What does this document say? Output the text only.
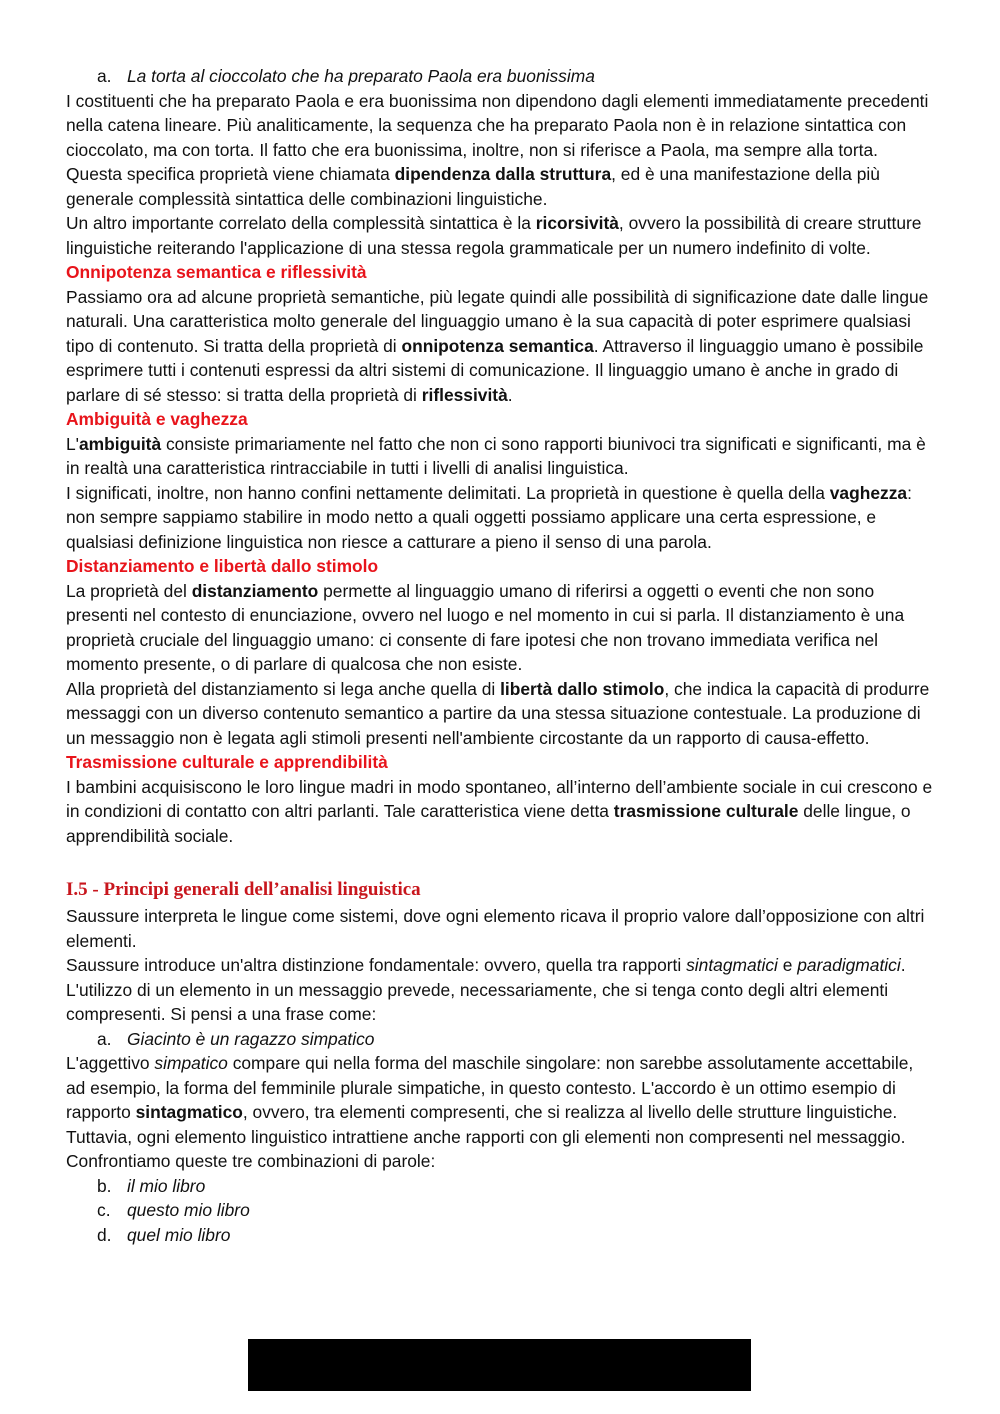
a. La torta al cioccolato che ha preparato Paola era buonissima

I costituenti che ha preparato Paola e era buonissima non dipendono dagli elementi immediatamente precedenti nella catena lineare. Più analiticamente, la sequenza che ha preparato Paola non è in relazione sintattica con cioccolato, ma con torta. Il fatto che era buonissima, inoltre, non si riferisce a Paola, ma sempre alla torta. Questa specifica proprietà viene chiamata dipendenza dalla struttura, ed è una manifestazione della più generale complessità sintattica delle combinazioni linguistiche.

Un altro importante correlato della complessità sintattica è la ricorsività, ovvero la possibilità di creare strutture linguistiche reiterando l'applicazione di una stessa regola grammaticale per un numero indefinito di volte.

Onnipotenza semantica e riflessività

Passiamo ora ad alcune proprietà semantiche, più legate quindi alle possibilità di significazione date dalle lingue naturali. Una caratteristica molto generale del linguaggio umano è la sua capacità di poter esprimere qualsiasi tipo di contenuto. Si tratta della proprietà di onnipotenza semantica. Attraverso il linguaggio umano è possibile esprimere tutti i contenuti espressi da altri sistemi di comunicazione. Il linguaggio umano è anche in grado di parlare di sé stesso: si tratta della proprietà di riflessività.

Ambiguità e vaghezza

L'ambiguità consiste primariamente nel fatto che non ci sono rapporti biunivoci tra significati e significanti, ma è in realtà una caratteristica rintracciabile in tutti i livelli di analisi linguistica.

I significati, inoltre, non hanno confini nettamente delimitati. La proprietà in questione è quella della vaghezza: non sempre sappiamo stabilire in modo netto a quali oggetti possiamo applicare una certa espressione, e qualsiasi definizione linguistica non riesce a catturare a pieno il senso di una parola.

Distanziamento e libertà dallo stimolo

La proprietà del distanziamento permette al linguaggio umano di riferirsi a oggetti o eventi che non sono presenti nel contesto di enunciazione, ovvero nel luogo e nel momento in cui si parla. Il distanziamento è una proprietà cruciale del linguaggio umano: ci consente di fare ipotesi che non trovano immediata verifica nel momento presente, o di parlare di qualcosa che non esiste.

Alla proprietà del distanziamento si lega anche quella di libertà dallo stimolo, che indica la capacità di produrre messaggi con un diverso contenuto semantico a partire da una stessa situazione contestuale. La produzione di un messaggio non è legata agli stimoli presenti nell'ambiente circostante da un rapporto di causa-effetto.

Trasmissione culturale e apprendibilità

I bambini acquisiscono le loro lingue madri in modo spontaneo, all’interno dell’ambiente sociale in cui crescono e in condizioni di contatto con altri parlanti. Tale caratteristica viene detta trasmissione culturale delle lingue, o apprendibilità sociale.

I.5 - Principi generali dell’analisi linguistica

Saussure interpreta le lingue come sistemi, dove ogni elemento ricava il proprio valore dall’opposizione con altri elementi.

Saussure introduce un'altra distinzione fondamentale: ovvero, quella tra rapporti sintagmatici e paradigmatici. L'utilizzo di un elemento in un messaggio prevede, necessariamente, che si tenga conto degli altri elementi compresenti. Si pensi a una frase come:

a. Giacinto è un ragazzo simpatico

L'aggettivo simpatico compare qui nella forma del maschile singolare: non sarebbe assolutamente accettabile, ad esempio, la forma del femminile plurale simpatiche, in questo contesto. L'accordo è un ottimo esempio di rapporto sintagmatico, ovvero, tra elementi compresenti, che si realizza al livello delle strutture linguistiche.

Tuttavia, ogni elemento linguistico intrattiene anche rapporti con gli elementi non compresenti nel messaggio. Confrontiamo queste tre combinazioni di parole:

b. il mio libro
c. questo mio libro
d. quel mio libro
